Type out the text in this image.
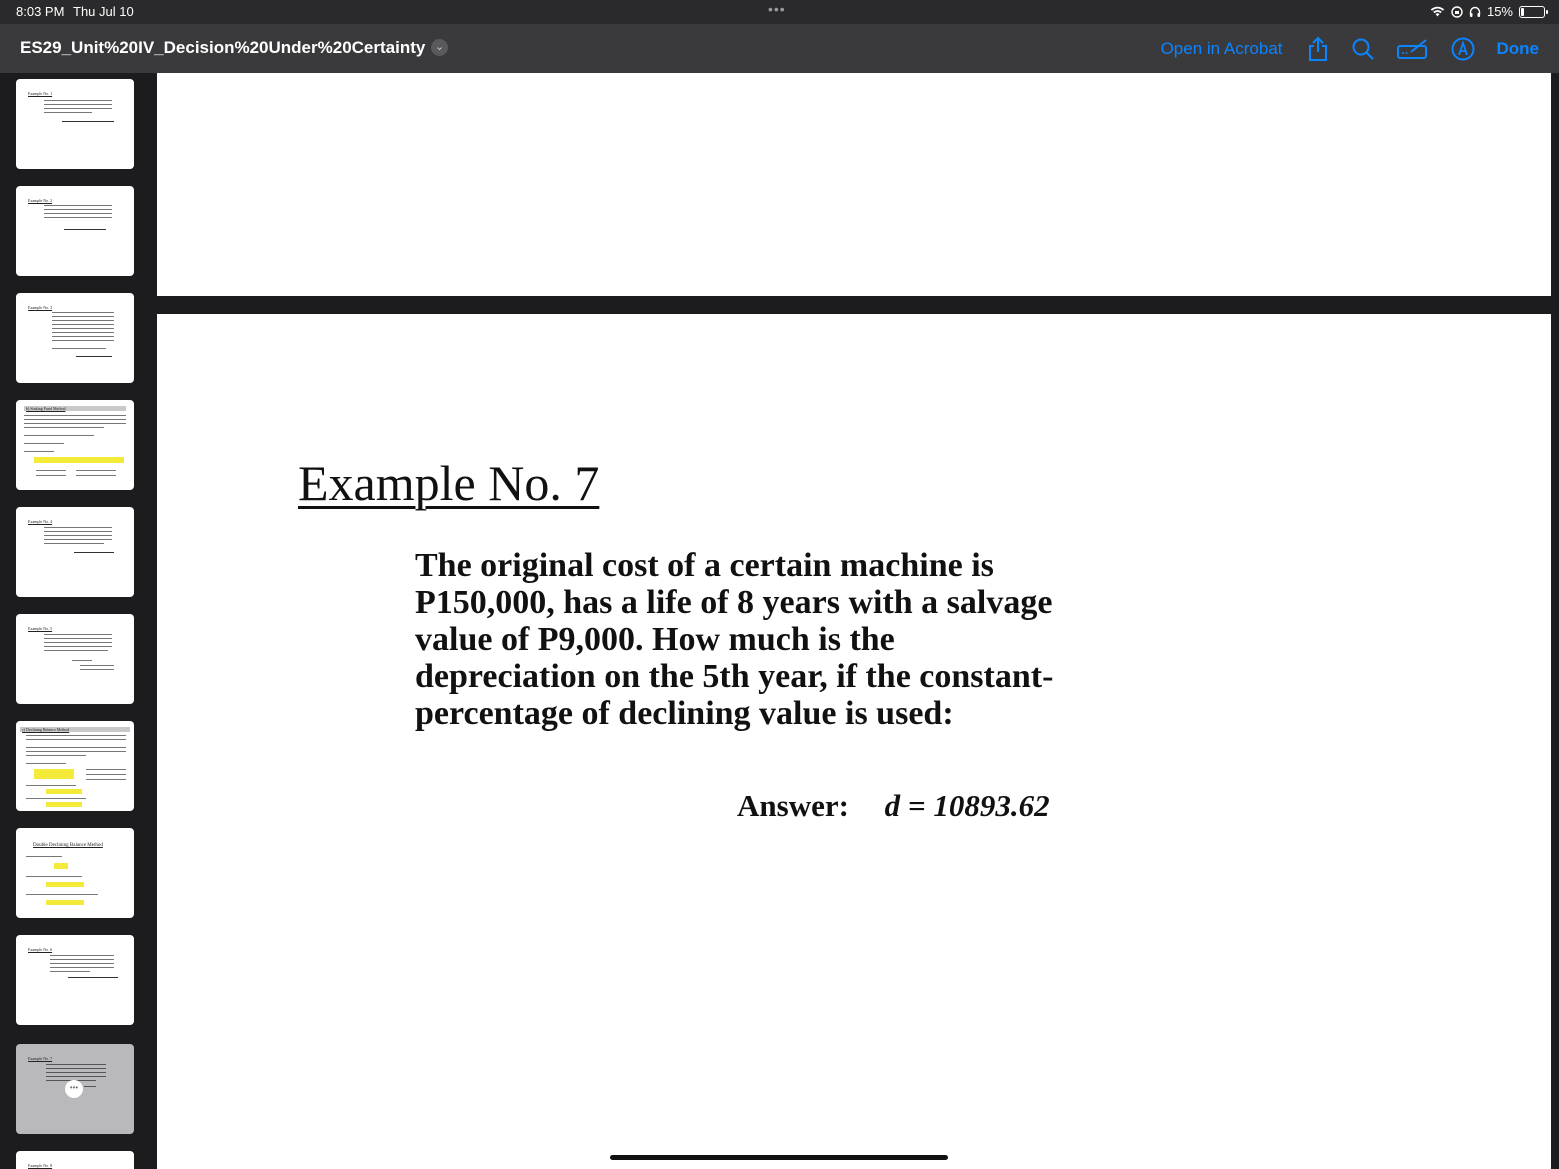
8:03 PM Thu Jul 10	•••	15%
ES29_Unit%20IV_Decision%20Under%20Certainty ⌄	Open in Acrobat	Done
Example No. 1
Example No. 2
Example No. 3
b) Sinking Fund Method
Example No. 4
Example No. 5
c) Declining Balance Method
Double Declining Balance Method
Example No. 6
Example No. 7
•••
Example No. 8
Example No. 7
The original cost of a certain machine is P150,000, has a life of 8 years with a salvage value of P9,000. How much is the depreciation on the 5th year, if the constant-percentage of declining value is used:
Answer: d = 10893.62
